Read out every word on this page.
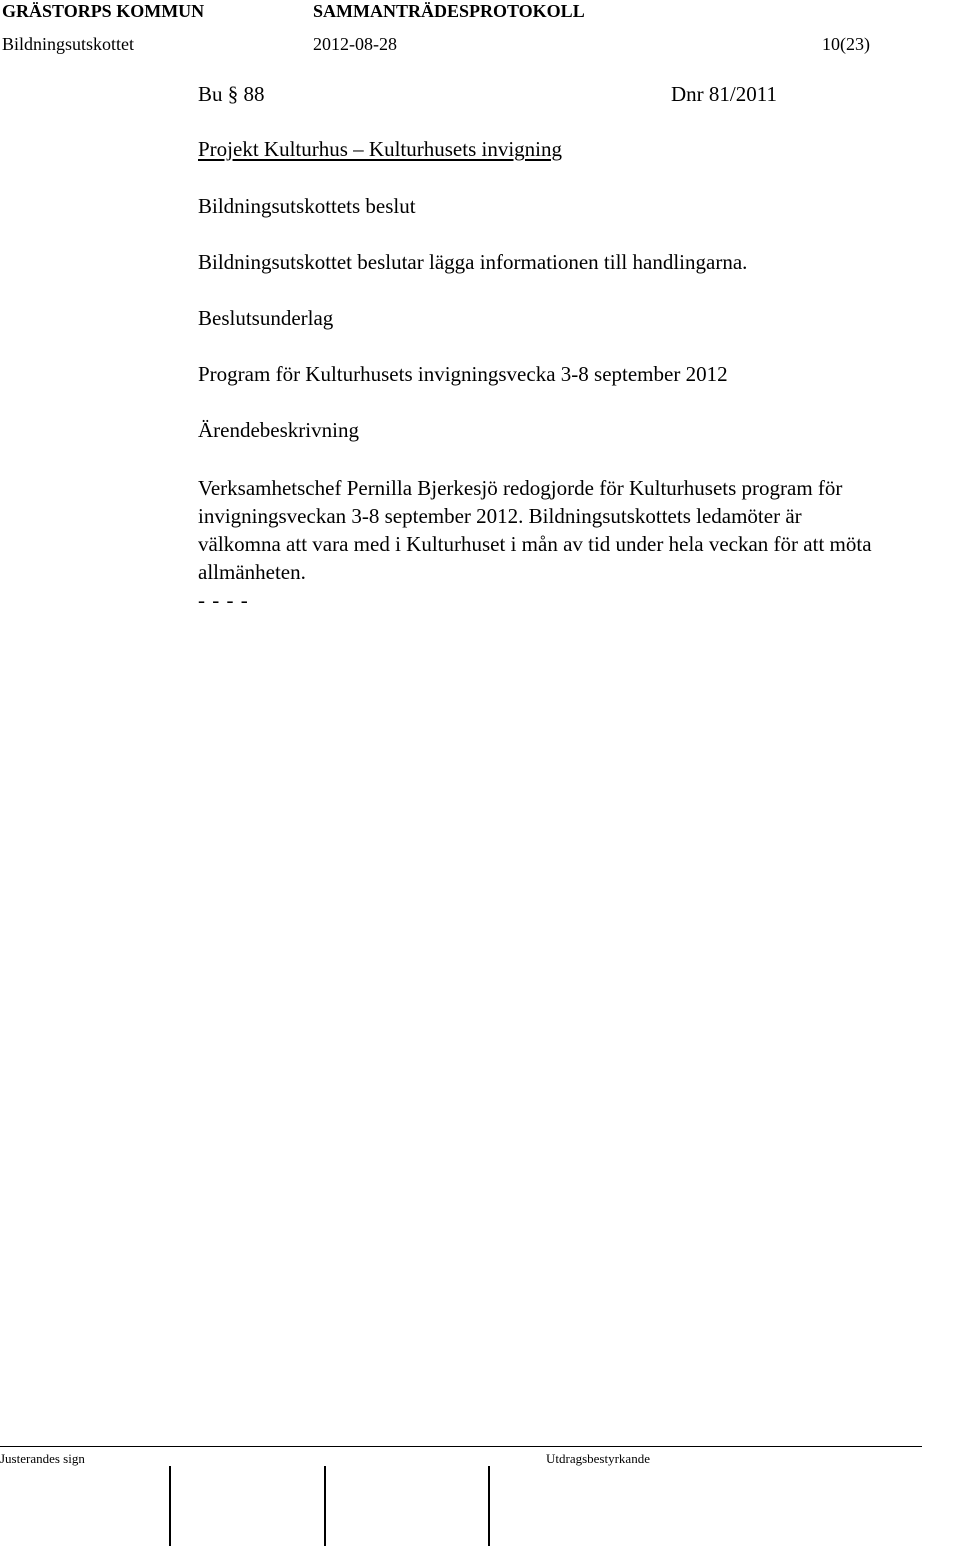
GRÄSTORPS KOMMUN	SAMMANTRÄDESPROTOKOLL
Bildningsutskottet	2012-08-28	10(23)
Bu § 88	Dnr 81/2011
Projekt Kulturhus – Kulturhusets invigning
Bildningsutskottets beslut
Bildningsutskottet beslutar lägga informationen till handlingarna.
Beslutsunderlag
Program för Kulturhusets invigningsvecka 3-8 september 2012
Ärendebeskrivning
Verksamhetschef Pernilla Bjerkesjö redogjorde för Kulturhusets program för
invigningsveckan 3-8 september 2012. Bildningsutskottets ledamöter är
välkomna att vara med i Kulturhuset i mån av tid under hela veckan för att möta
allmänheten.
- - - -
Justerandes sign	Utdragsbestyrkande
